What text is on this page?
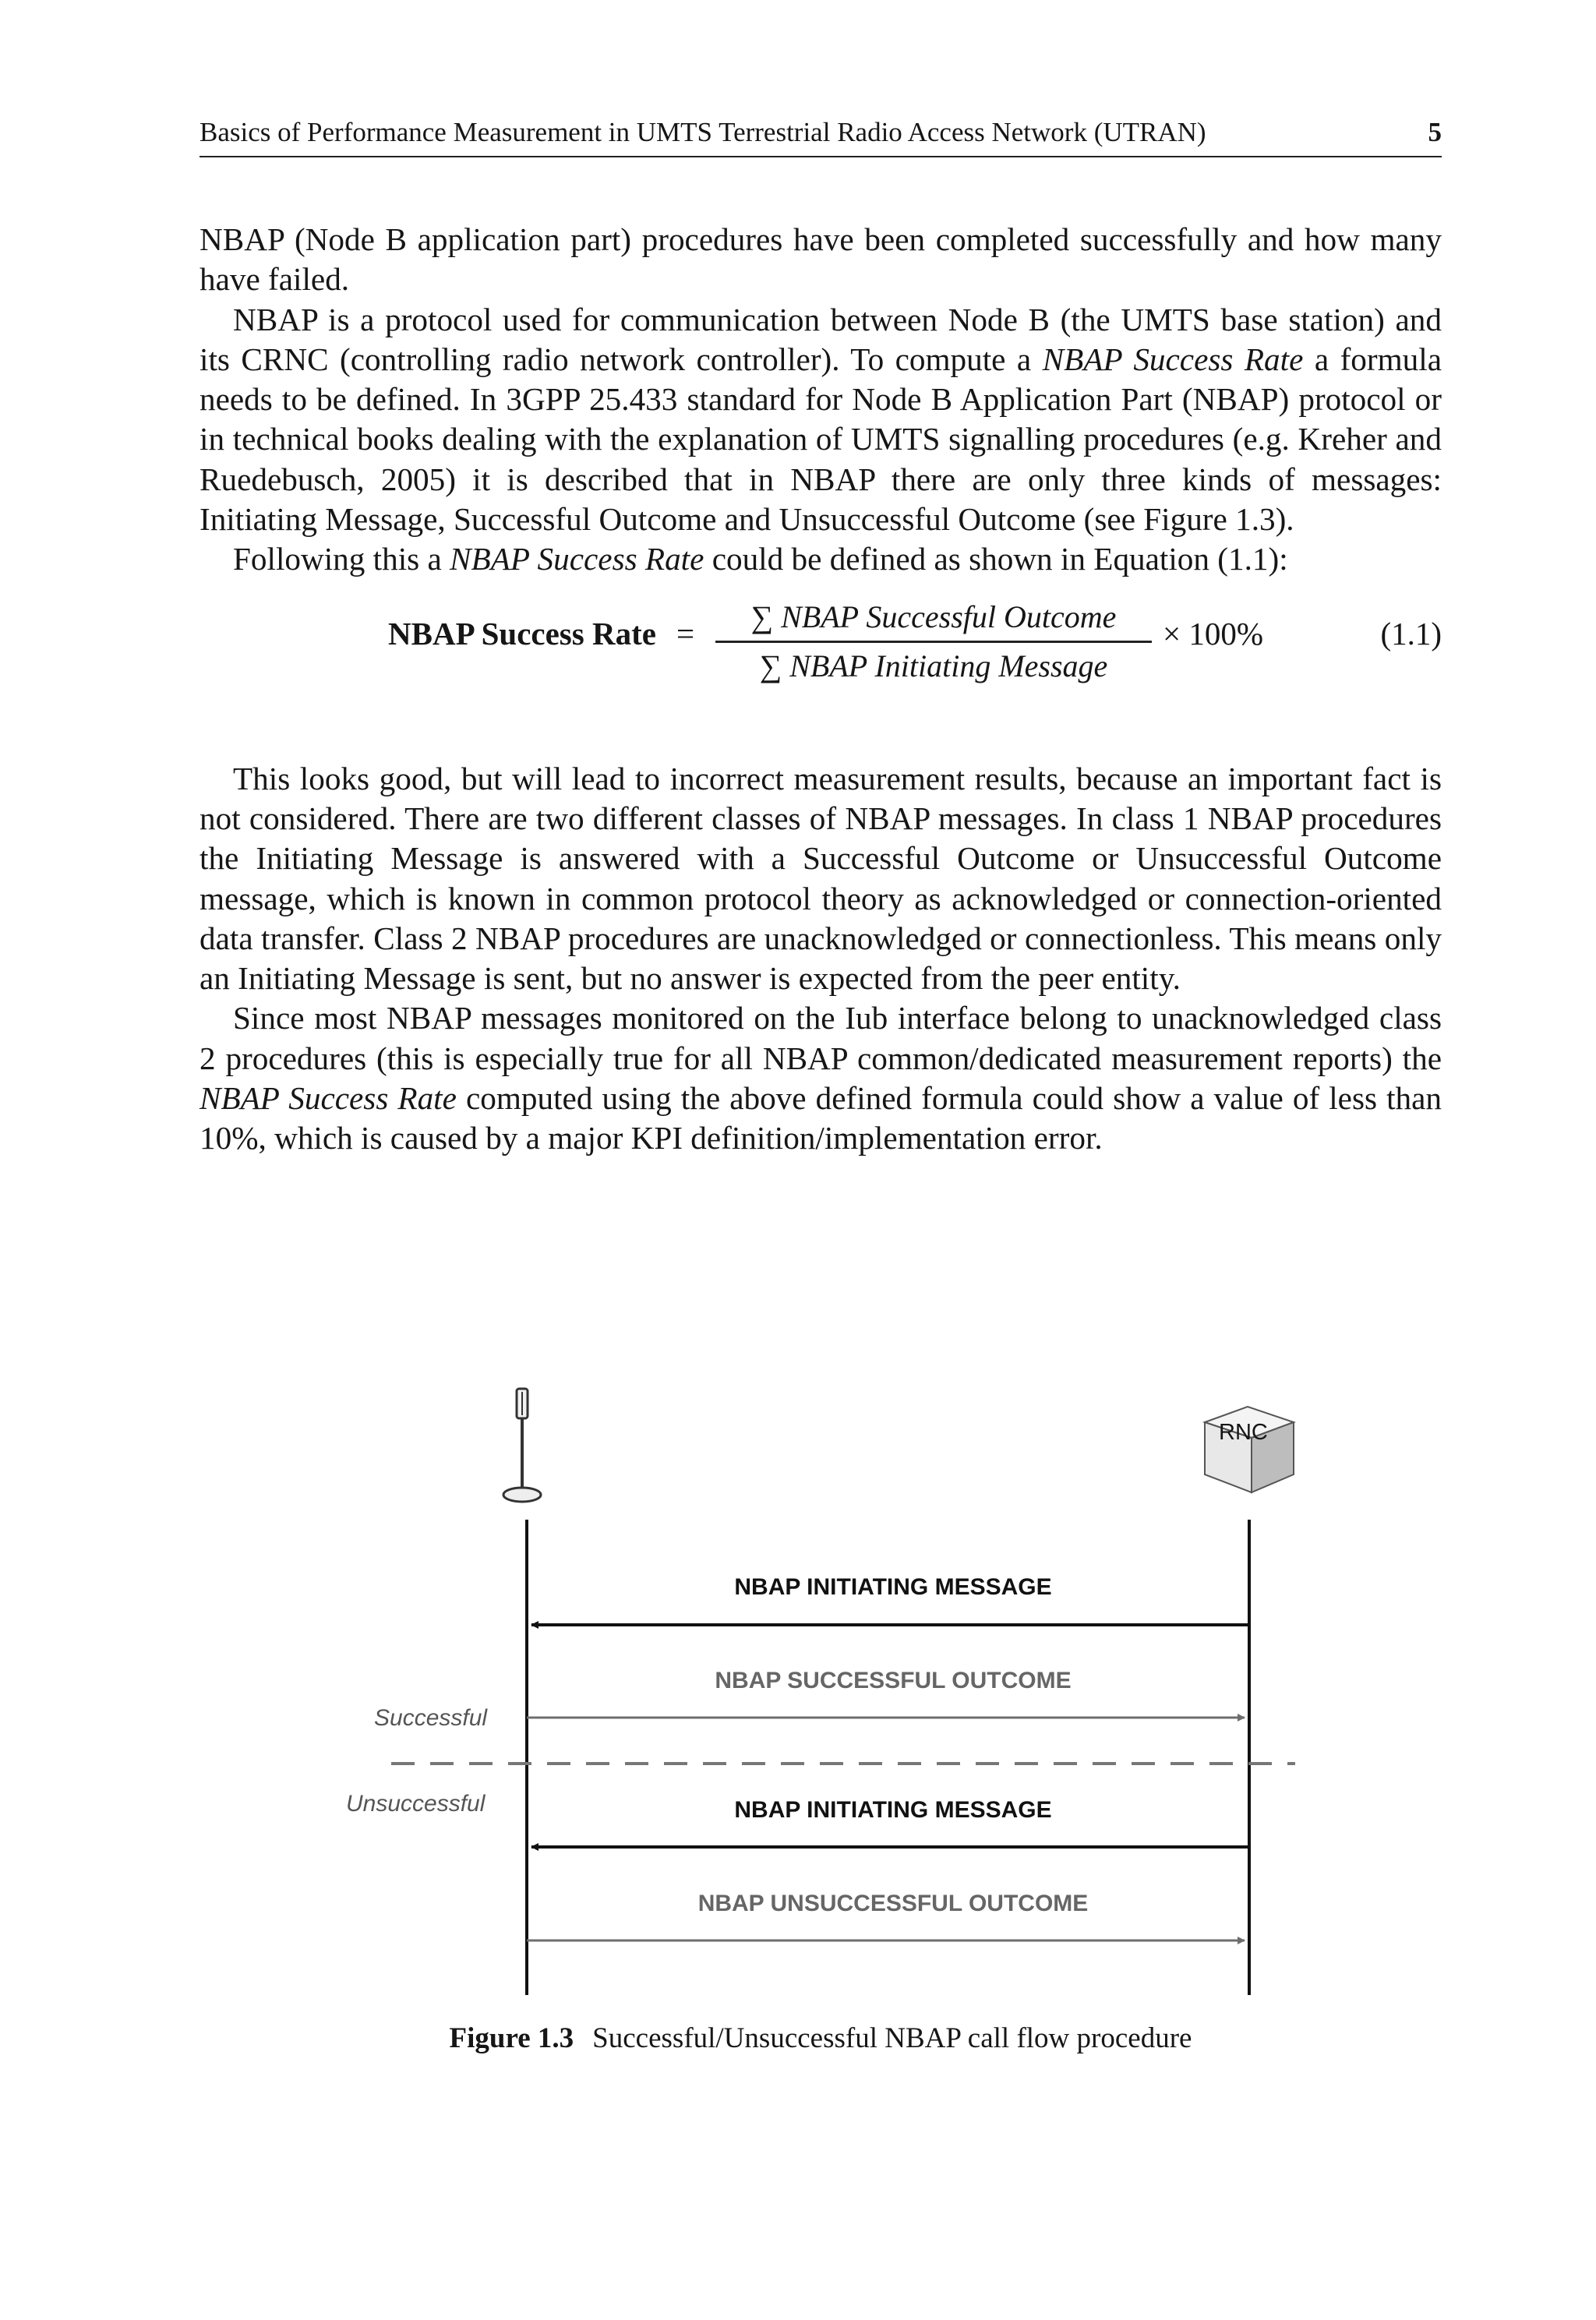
Basics of Performance Measurement in UMTS Terrestrial Radio Access Network (UTRAN)	5

NBAP (Node B application part) procedures have been completed successfully and how many have failed.

NBAP is a protocol used for communication between Node B (the UMTS base station) and its CRNC (controlling radio network controller). To compute a NBAP Success Rate a formula needs to be defined. In 3GPP 25.433 standard for Node B Application Part (NBAP) protocol or in technical books dealing with the explanation of UMTS signalling procedures (e.g. Kreher and Ruedebusch, 2005) it is described that in NBAP there are only three kinds of messages: Initiating Message, Successful Outcome and Unsuccessful Outcome (see Figure 1.3).

Following this a NBAP Success Rate could be defined as shown in Equation (1.1):

NBAP Success Rate =	∑ NBAP Successful Outcome
∑ NBAP Initiating Message
× 100%	(1.1)

This looks good, but will lead to incorrect measurement results, because an important fact is not considered. There are two different classes of NBAP messages. In class 1 NBAP procedures the Initiating Message is answered with a Successful Outcome or Unsuccessful Outcome message, which is known in common protocol theory as acknowledged or connection-oriented data transfer. Class 2 NBAP procedures are unacknowledged or connectionless. This means only an Initiating Message is sent, but no answer is expected from the peer entity.

Since most NBAP messages monitored on the Iub interface belong to unacknowledged class 2 procedures (this is especially true for all NBAP common/dedicated measurement reports) the NBAP Success Rate computed using the above defined formula could show a value of less than 10%, which is caused by a major KPI definition/implementation error.

RNC
NBAP INITIATING MESSAGE
NBAP SUCCESSFUL OUTCOME
NBAP INITIATING MESSAGE
NBAP UNSUCCESSFUL OUTCOME
Successful
Unsuccessful
Figure 1.3 Successful/Unsuccessful NBAP call flow procedure
